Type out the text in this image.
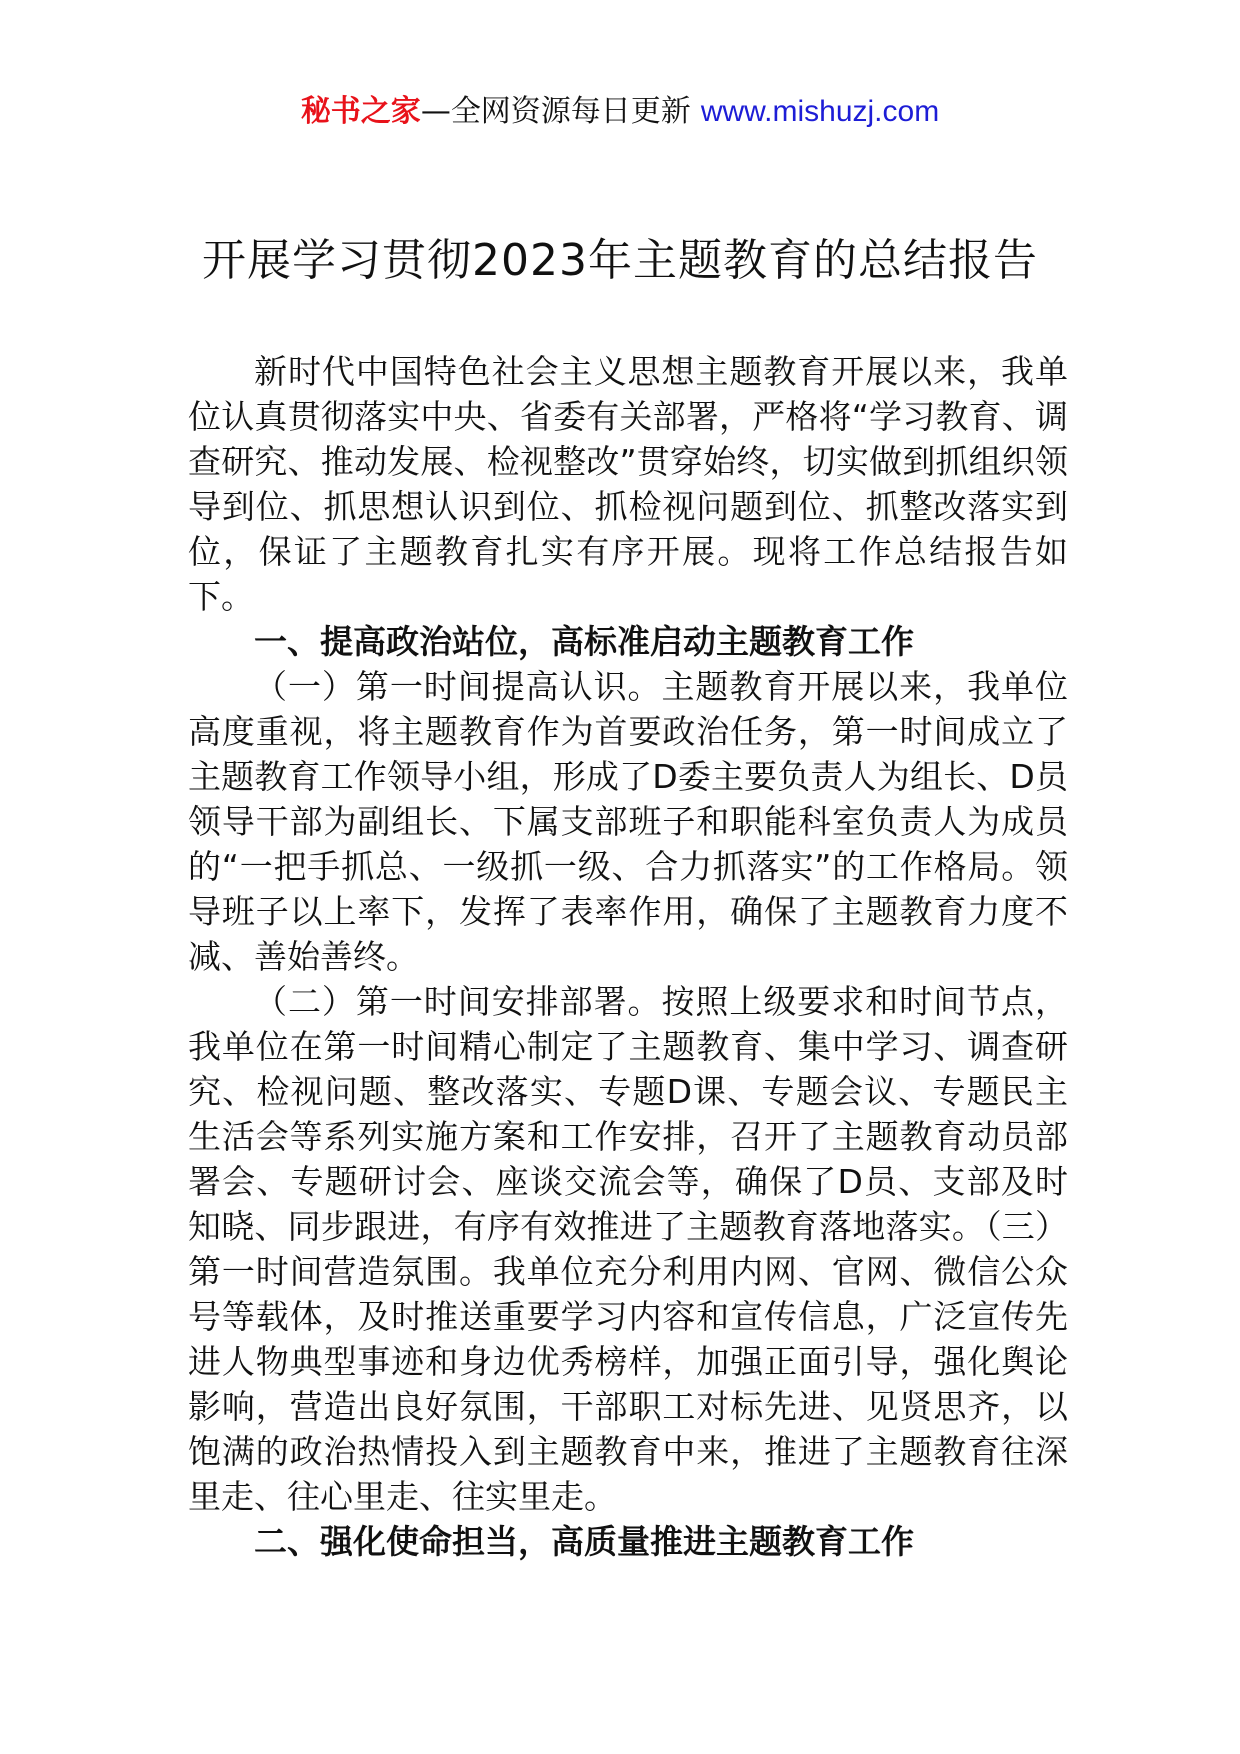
秘书之家—全网资源每日更新 www.mishuzj.com
开展学习贯彻2023年主题教育的总结报告

新时代中国特色社会主义思想主题教育开展以来，我单位认真贯彻落实中央、省委有关部署，严格将“学习教育、调查研究、推动发展、检视整改”贯穿始终，切实做到抓组织领导到位、抓思想认识到位、抓检视问题到位、抓整改落实到位，保证了主题教育扎实有序开展。现将工作总结报告如下。

一、提高政治站位，高标准启动主题教育工作

（一）第一时间提高认识。主题教育开展以来，我单位高度重视，将主题教育作为首要政治任务，第一时间成立了主题教育工作领导小组，形成了D委主要负责人为组长、D员领导干部为副组长、下属支部班子和职能科室负责人为成员的“一把手抓总、一级抓一级、合力抓落实”的工作格局。领导班子以上率下，发挥了表率作用，确保了主题教育力度不减、善始善终。

（二）第一时间安排部署。按照上级要求和时间节点，我单位在第一时间精心制定了主题教育、集中学习、调查研究、检视问题、整改落实、专题D课、专题会议、专题民主生活会等系列实施方案和工作安排，召开了主题教育动员部署会、专题研讨会、座谈交流会等，确保了D员、支部及时知晓、同步跟进，有序有效推进了主题教育落地落实。（三）第一时间营造氛围。我单位充分利用内网、官网、微信公众号等载体，及时推送重要学习内容和宣传信息，广泛宣传先进人物典型事迹和身边优秀榜样，加强正面引导，强化舆论影响，营造出良好氛围，干部职工对标先进、见贤思齐，以饱满的政治热情投入到主题教育中来，推进了主题教育往深里走、往心里走、往实里走。

二、强化使命担当，高质量推进主题教育工作
